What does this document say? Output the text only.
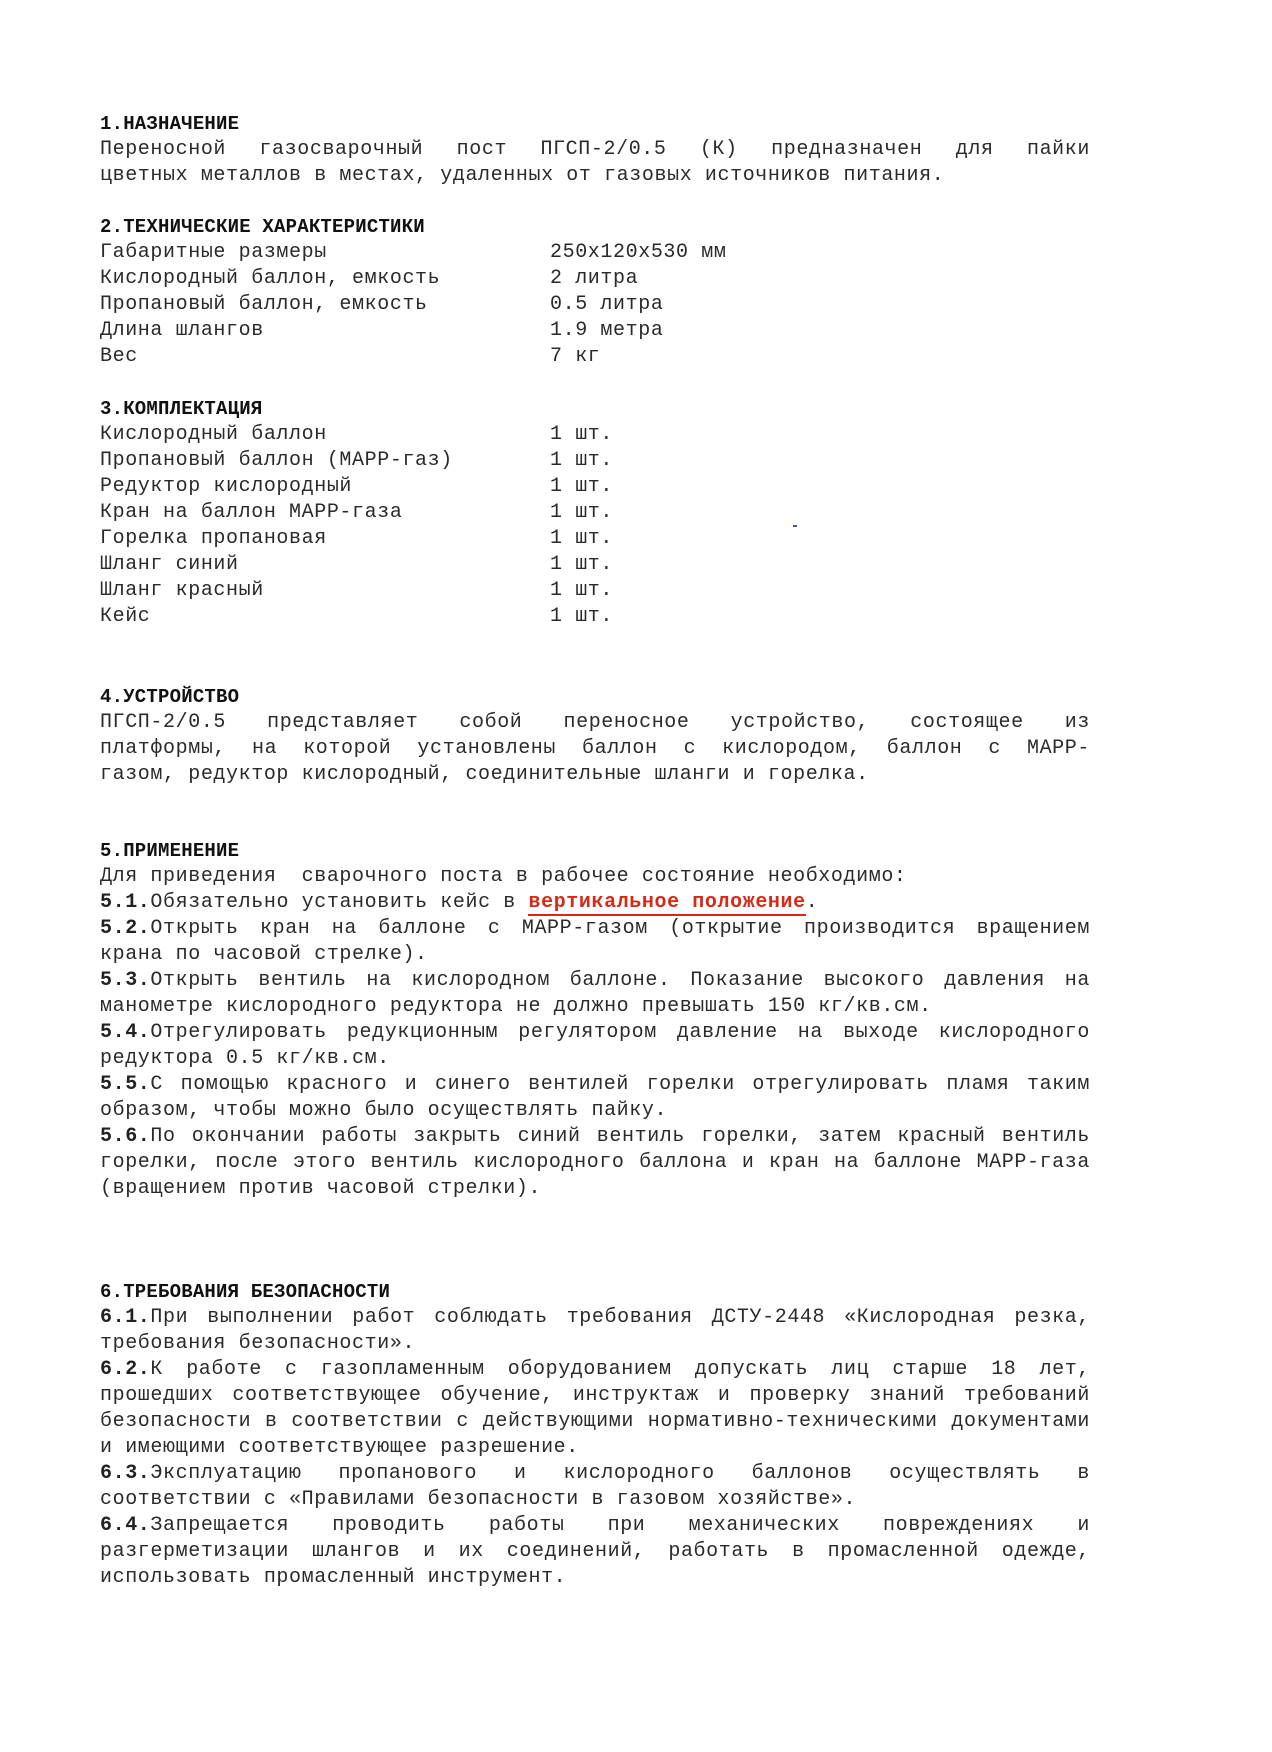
1.НАЗНАЧЕНИЕ

Переносной газосварочный пост ПГСП-2/0.5 (К) предназначен для пайки

цветных металлов в местах, удаленных от газовых источников питания.

2.ТЕХНИЧЕСКИЕ ХАРАКТЕРИСТИКИ

Габаритные размеры	250х120х530 мм
Кислородный баллон, емкость	2 литра
Пропановый баллон, емкость	0.5 литра
Длина шлангов	1.9 метра
Вес	7 кг

3.КОМПЛЕКТАЦИЯ

Кислородный баллон	1 шт.
Пропановый баллон (МАРР-газ)	1 шт.
Редуктор кислородный	1 шт.
Кран на баллон МАРР-газа	1 шт.
Горелка пропановая	1 шт.
Шланг синий	1 шт.
Шланг красный	1 шт.
Кейс	1 шт.

4.УСТРОЙСТВО

ПГСП-2/0.5 представляет собой переносное устройство, состоящее из

платформы, на которой установлены баллон с кислородом, баллон с МАРР-

газом, редуктор кислородный, соединительные шланги и горелка.

5.ПРИМЕНЕНИЕ

Для приведения  сварочного поста в рабочее состояние необходимо:

5.1.Обязательно установить кейс в вертикальное положение.

5.2.Открыть кран на баллоне с МАРР-газом (открытие производится вращением крана по часовой стрелке).

5.3.Открыть вентиль на кислородном баллоне. Показание высокого давления на манометре кислородного редуктора не должно превышать 150 кг/кв.см.

5.4.Отрегулировать редукционным регулятором давление на выходе кислородного редуктора 0.5 кг/кв.см.

5.5.С помощью красного и синего вентилей горелки отрегулировать пламя таким образом, чтобы можно было осуществлять пайку.

5.6.По окончании работы закрыть синий вентиль горелки, затем красный вентиль горелки, после этого вентиль кислородного баллона и кран на баллоне МАРР-газа (вращением против часовой стрелки).

6.ТРЕБОВАНИЯ БЕЗОПАСНОСТИ

6.1.При выполнении работ соблюдать требования ДСТУ-2448 «Кислородная резка, требования безопасности».

6.2.К работе с газопламенным оборудованием допускать лиц старше 18 лет, прошедших соответствующее обучение, инструктаж и проверку знаний требований безопасности в соответствии с действующими нормативно-техническими документами и имеющими соответствующее разрешение.

6.3.Эксплуатацию пропанового и кислородного баллонов осуществлять в соответствии с «Правилами безопасности в газовом хозяйстве».

6.4.Запрещается проводить работы при механических повреждениях и разгерметизации шлангов и их соединений, работать в промасленной одежде, использовать промасленный инструмент.
